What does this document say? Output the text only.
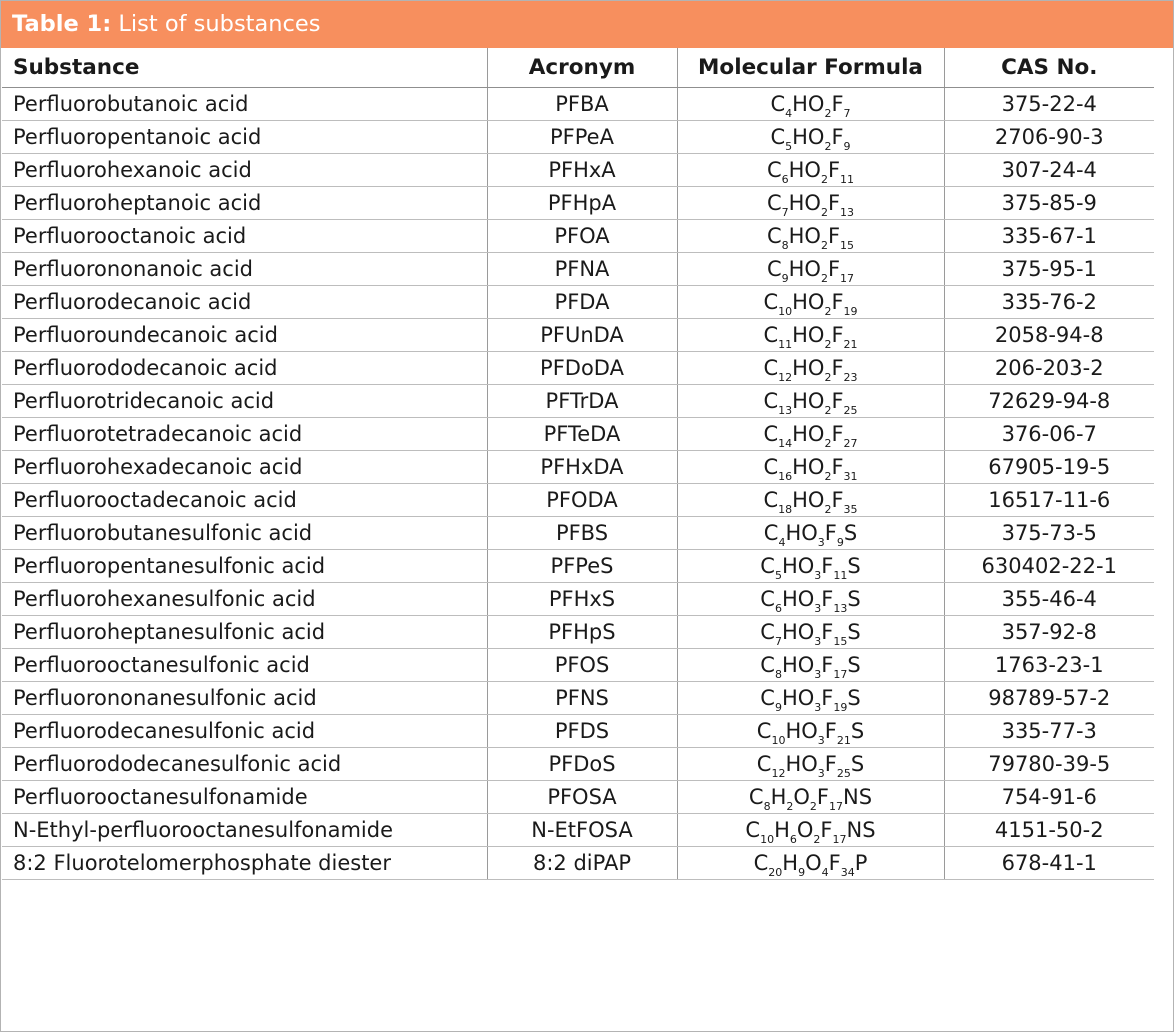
Table 1: List of substances
Substance	Acronym	Molecular Formula	CAS No.
Perfluorobutanoic acid	PFBA	$C_4HO_2F_7$	375-22-4
Perfluoropentanoic acid	PFPeA	$C_5HO_2F_9$	2706-90-3
Perfluorohexanoic acid	PFHxA	$C_6HO_2F_{11}$	307-24-4
Perfluoroheptanoic acid	PFHpA	$C_7HO_2F_{13}$	375-85-9
Perfluorooctanoic acid	PFOA	$C_8HO_2F_{15}$	335-67-1
Perfluorononanoic acid	PFNA	$C_9HO_2F_{17}$	375-95-1
Perfluorodecanoic acid	PFDA	$C_{10}HO_2F_{19}$	335-76-2
Perfluoroundecanoic acid	PFUnDA	$C_{11}HO_2F_{21}$	2058-94-8
Perfluorododecanoic acid	PFDoDA	$C_{12}HO_2F_{23}$	206-203-2
Perfluorotridecanoic acid	PFTrDA	$C_{13}HO_2F_{25}$	72629-94-8
Perfluorotetradecanoic acid	PFTeDA	$C_{14}HO_2F_{27}$	376-06-7
Perfluorohexadecanoic acid	PFHxDA	$C_{16}HO_2F_{31}$	67905-19-5
Perfluorooctadecanoic acid	PFODA	$C_{18}HO_2F_{35}$	16517-11-6
Perfluorobutanesulfonic acid	PFBS	$C_4HO_3F_9S$	375-73-5
Perfluoropentanesulfonic acid	PFPeS	$C_5HO_3F_{11}S$	630402-22-1
Perfluorohexanesulfonic acid	PFHxS	$C_6HO_3F_{13}S$	355-46-4
Perfluoroheptanesulfonic acid	PFHpS	$C_7HO_3F_{15}S$	357-92-8
Perfluorooctanesulfonic acid	PFOS	$C_8HO_3F_{17}S$	1763-23-1
Perfluorononanesulfonic acid	PFNS	$C_9HO_3F_{19}S$	98789-57-2
Perfluorodecanesulfonic acid	PFDS	$C_{10}HO_3F_{21}S$	335-77-3
Perfluorododecanesulfonic acid	PFDoS	$C_{12}HO_3F_{25}S$	79780-39-5
Perfluorooctanesulfonamide	PFOSA	$C_8H_2O_2F_{17}NS$	754-91-6
N-Ethyl-perfluorooctanesulfonamide	N-EtFOSA	$C_{10}H_6O_2F_{17}NS$	4151-50-2
8:2 Fluorotelomerphosphate diester	8:2 diPAP	$C_{20}H_9O_4F_{34}P$	678-41-1
